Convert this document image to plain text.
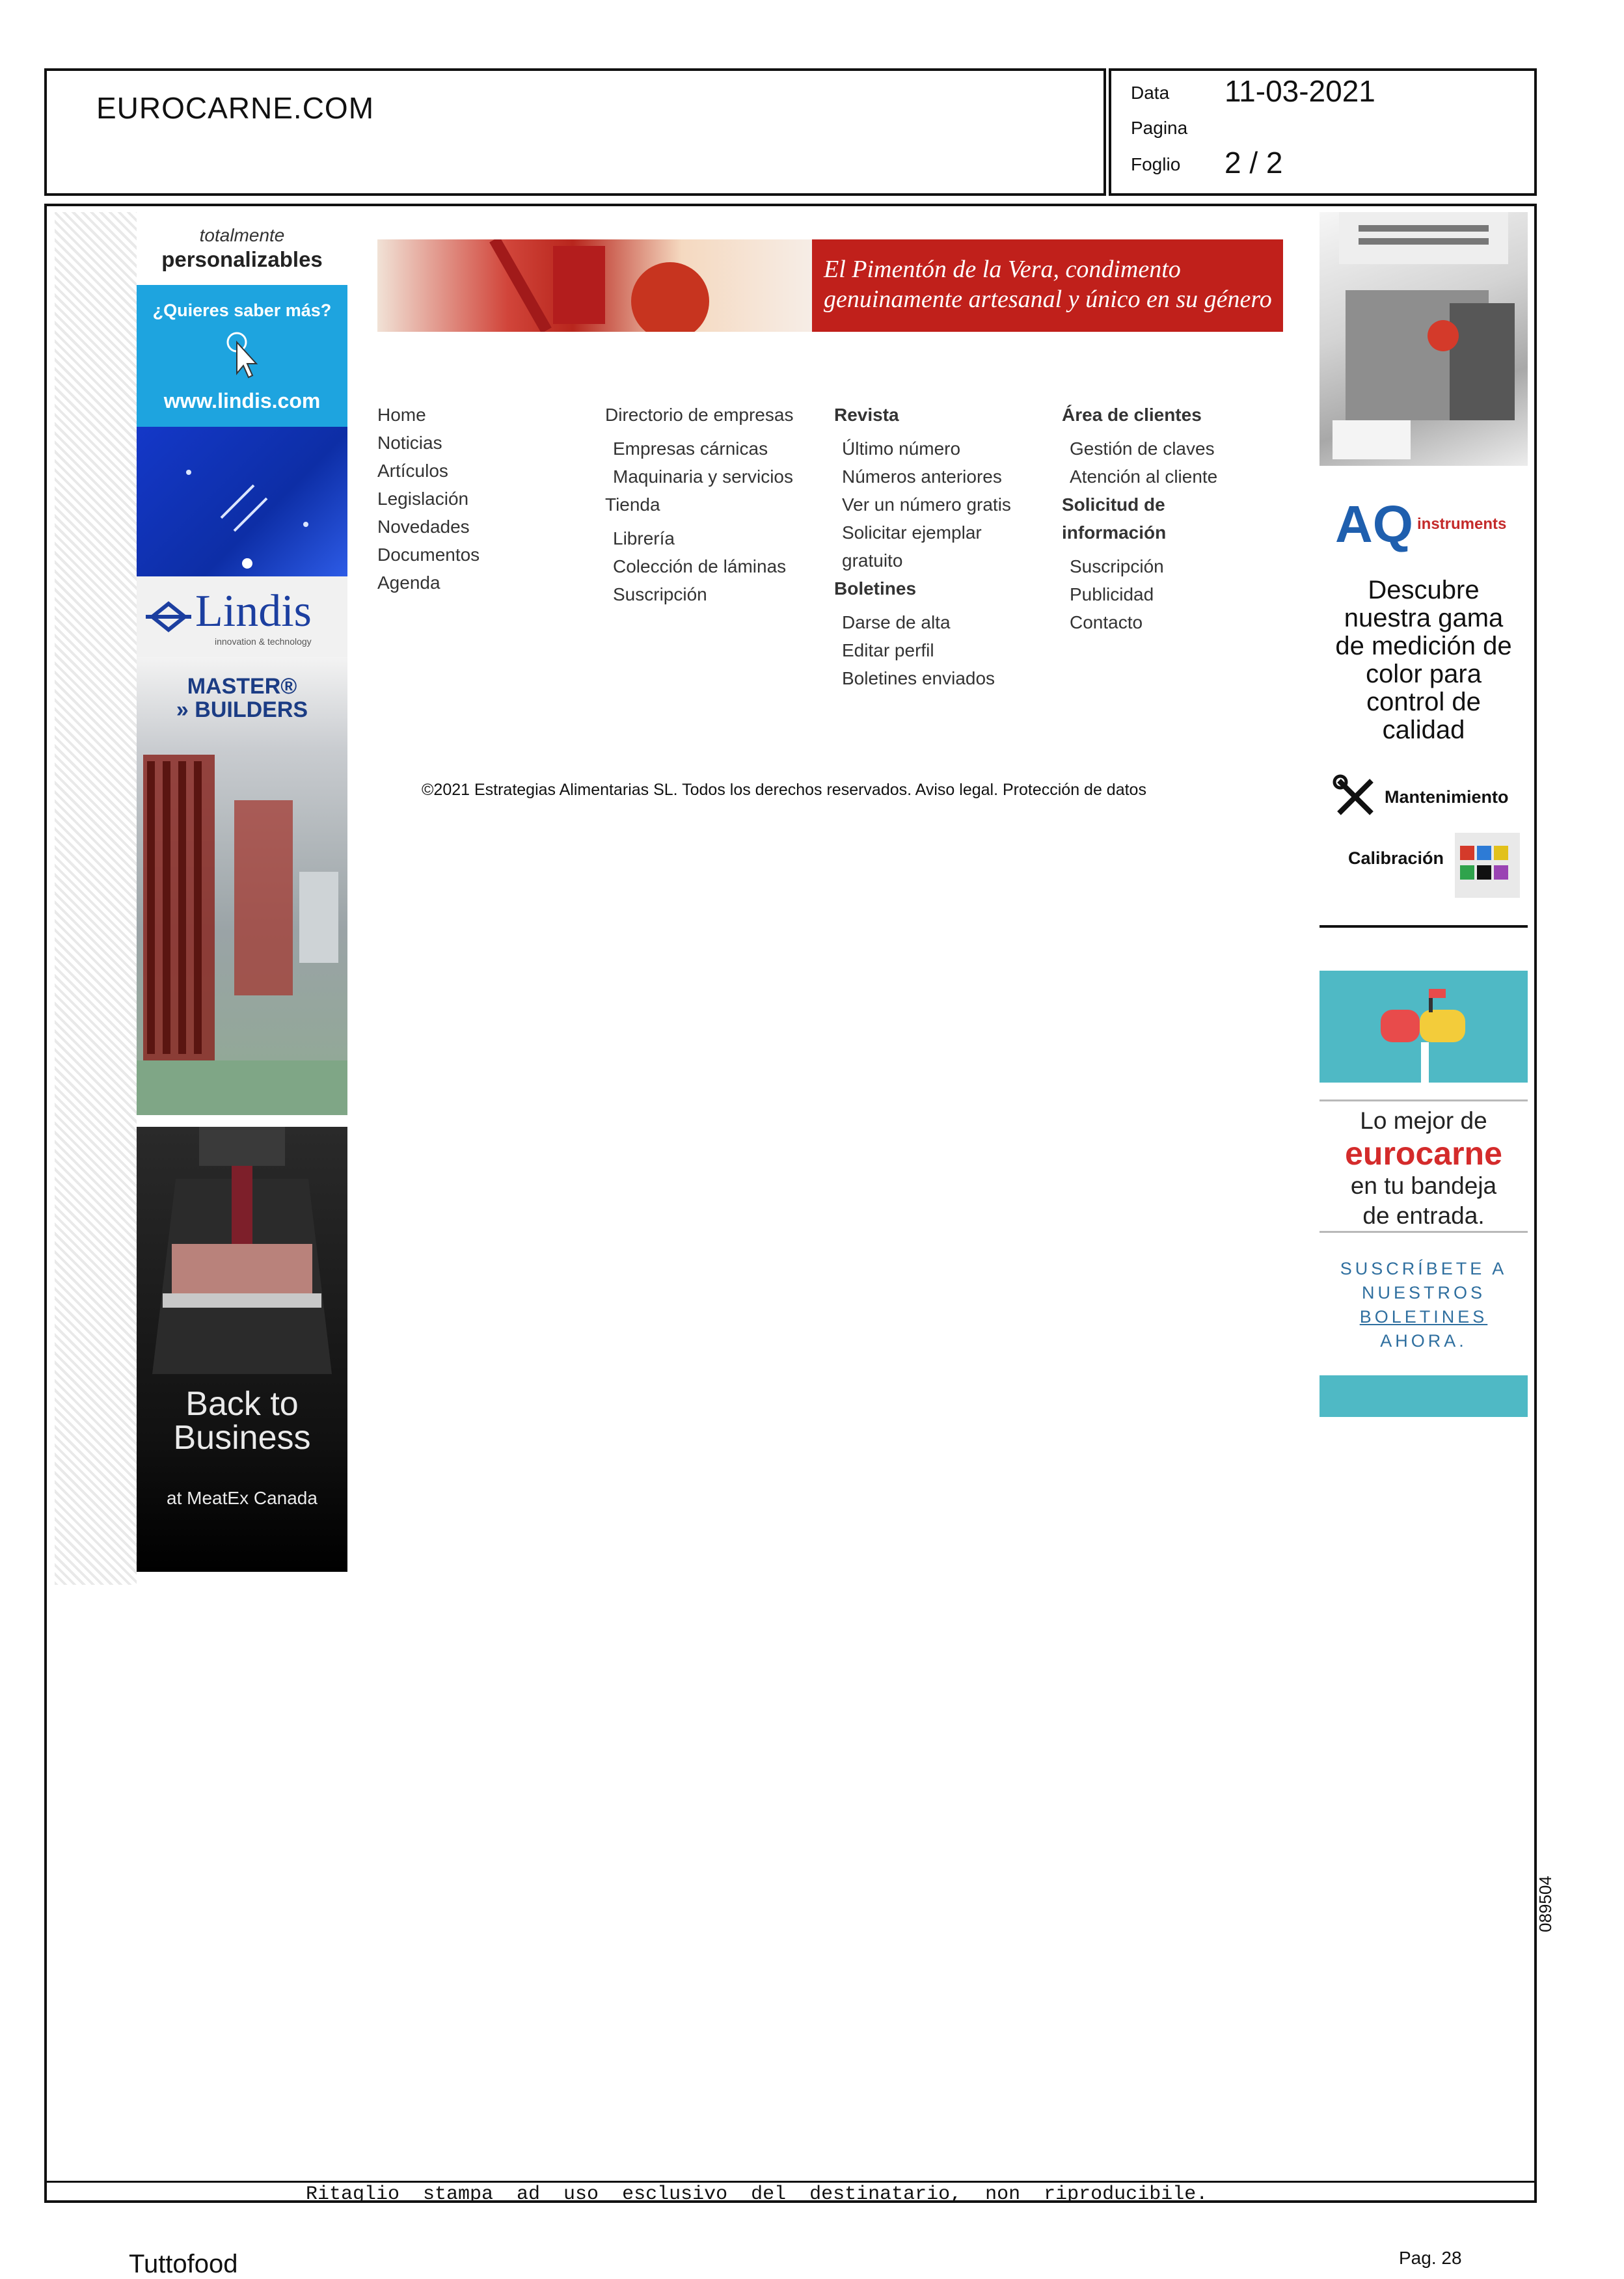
EUROCARNE.COM	Data 11-03-2021
Pagina
Foglio 2 / 2
totalmente
personalizables
¿Quieres saber más?
www.lindis.com
Lindis
innovation & technology
MASTER®
» BUILDERS
Back to Business
at MeatEx Canada
El Pimentón de la Vera, condimento genuinamente artesanal y único en su género
Home
Noticias
Artículos
Legislación
Novedades
Documentos
Agenda
Directorio de empresas
Empresas cárnicas
Maquinaria y servicios
Tienda
Librería
Colección de láminas
Suscripción
Revista
Último número
Números anteriores
Ver un número gratis
Solicitar ejemplar
gratuito
Boletines
Darse de alta
Editar perfil
Boletines enviados
Área de clientes
Gestión de claves
Atención al cliente
Solicitud de
información
Suscripción
Publicidad
Contacto
©2021 Estrategias Alimentarias SL. Todos los derechos reservados. Aviso legal. Protección de datos
AQ instruments
Descubre
nuestra gama
de medición de
color para
control de
calidad
Mantenimiento
Calibración
Lo mejor de
eurocarne
en tu bandeja
de entrada.
SUSCRÍBETE A
NUESTROS
BOLETINES
AHORA.
Ritaglio stampa ad uso esclusivo del destinatario, non riproducibile.
Tuttofood	Pag. 28
089504
